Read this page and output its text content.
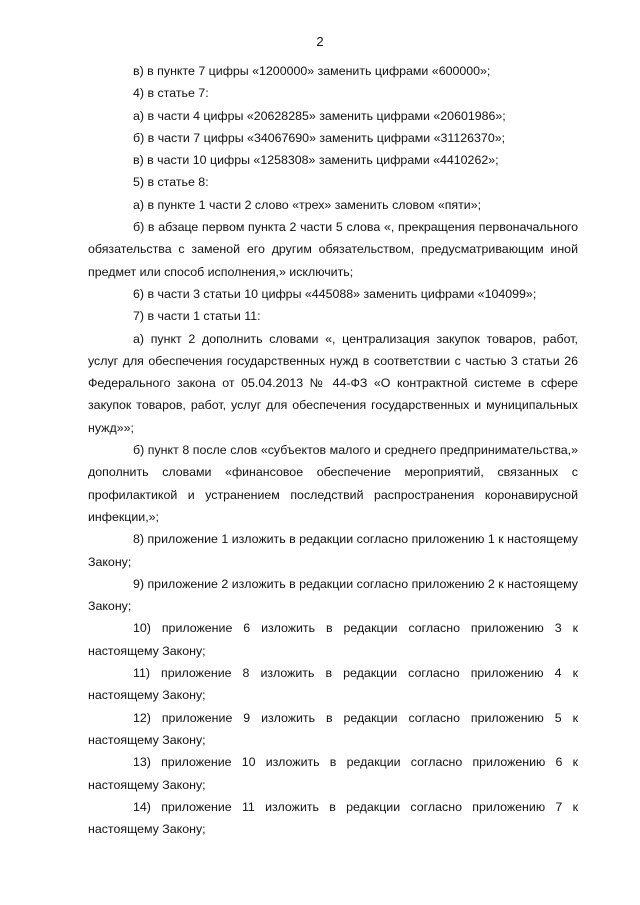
2

в) в пункте 7 цифры «1200000» заменить цифрами «600000»;

4) в статье 7:

а) в части 4 цифры «20628285» заменить цифрами «20601986»;

б) в части 7 цифры «34067690» заменить цифрами «31126370»;

в) в части 10 цифры «1258308» заменить цифрами «4410262»;

5) в статье 8:

а) в пункте 1 части 2 слово «трех» заменить словом «пяти»;

б) в абзаце первом пункта 2 части 5 слова «, прекращения первоначального обязательства с заменой его другим обязательством, предусматривающим иной предмет или способ исполнения,» исключить;

6) в части 3 статьи 10 цифры «445088» заменить цифрами «104099»;

7) в части 1 статьи 11:

а) пункт 2 дополнить словами «, централизация закупок товаров, работ, услуг для обеспечения государственных нужд в соответствии с частью 3 статьи 26 Федерального закона от 05.04.2013 № 44-ФЗ «О контрактной системе в сфере закупок товаров, работ, услуг для обеспечения государственных и муниципальных нужд»»;

б) пункт 8 после слов «субъектов малого и среднего предпринимательства,» дополнить словами «финансовое обеспечение мероприятий, связанных с профилактикой и устранением последствий распространения коронавирусной инфекции,»;

8) приложение 1 изложить в редакции согласно приложению 1 к настоящему Закону;

9) приложение 2 изложить в редакции согласно приложению 2 к настоящему Закону;

10) приложение 6 изложить в редакции согласно приложению 3 к настоящему Закону;

11) приложение 8 изложить в редакции согласно приложению 4 к настоящему Закону;

12) приложение 9 изложить в редакции согласно приложению 5 к настоящему Закону;

13) приложение 10 изложить в редакции согласно приложению 6 к настоящему Закону;

14) приложение 11 изложить в редакции согласно приложению 7 к настоящему Закону;
